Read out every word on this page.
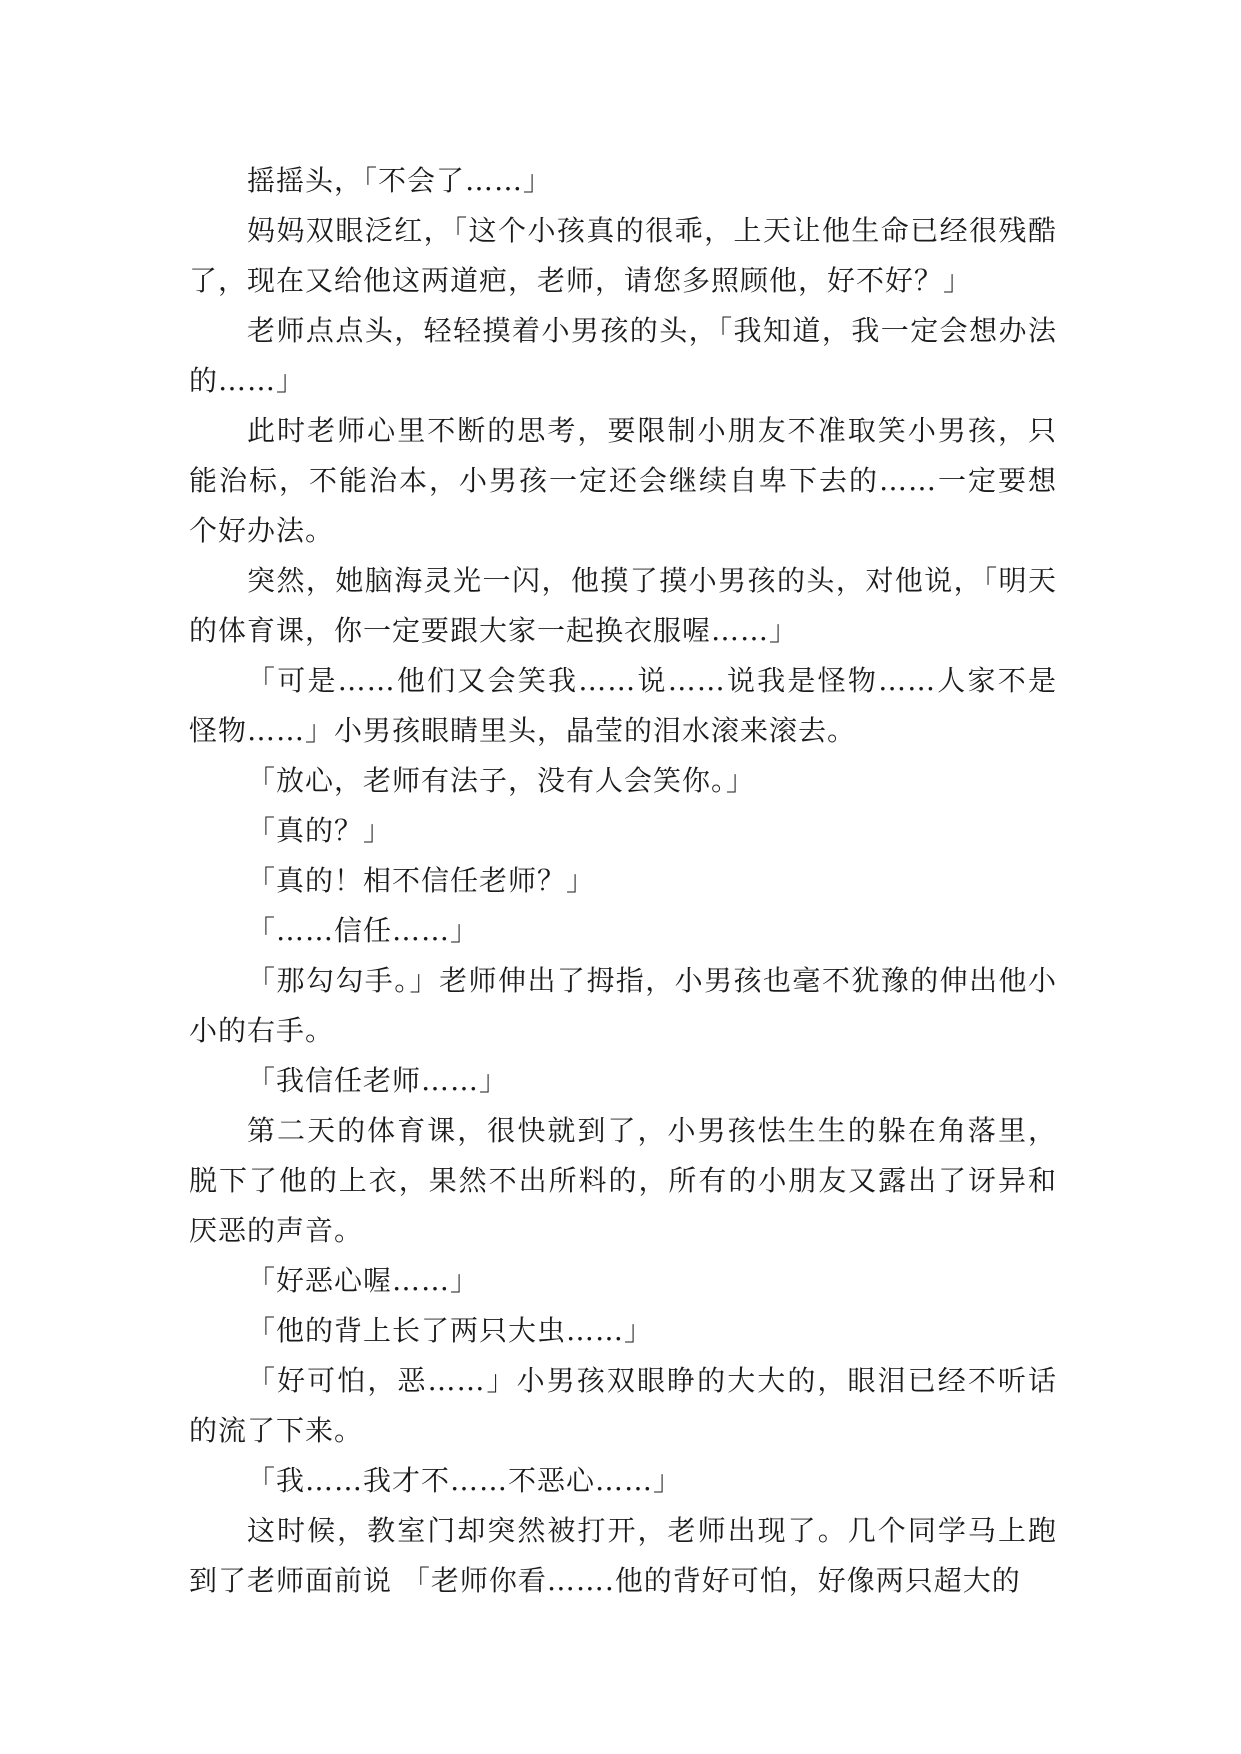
摇摇头，「不会了……」

妈妈双眼泛红，「这个小孩真的很乖，上天让他生命已经很残酷了，现在又给他这两道疤，老师，请您多照顾他，好不好？」

老师点点头，轻轻摸着小男孩的头，「我知道，我一定会想办法的……」

此时老师心里不断的思考，要限制小朋友不准取笑小男孩，只能治标，不能治本，小男孩一定还会继续自卑下去的……一定要想个好办法。

突然，她脑海灵光一闪，他摸了摸小男孩的头，对他说，「明天的体育课，你一定要跟大家一起换衣服喔……」

「可是……他们又会笑我……说……说我是怪物……人家不是怪物……」小男孩眼睛里头，晶莹的泪水滚来滚去。

「放心，老师有法子，没有人会笑你。」

「真的？」

「真的！相不信任老师？」

「……信任……」

「那勾勾手。」老师伸出了拇指，小男孩也毫不犹豫的伸出他小小的右手。

「我信任老师……」

第二天的体育课，很快就到了，小男孩怯生生的躲在角落里，脱下了他的上衣，果然不出所料的，所有的小朋友又露出了讶异和厌恶的声音。

「好恶心喔……」

「他的背上长了两只大虫……」

「好可怕，恶……」小男孩双眼睁的大大的，眼泪已经不听话的流了下来。

「我……我才不……不恶心……」

这时候，教室门却突然被打开，老师出现了。几个同学马上跑到了老师面前说 「老师你看…….他的背好可怕，好像两只超大的
